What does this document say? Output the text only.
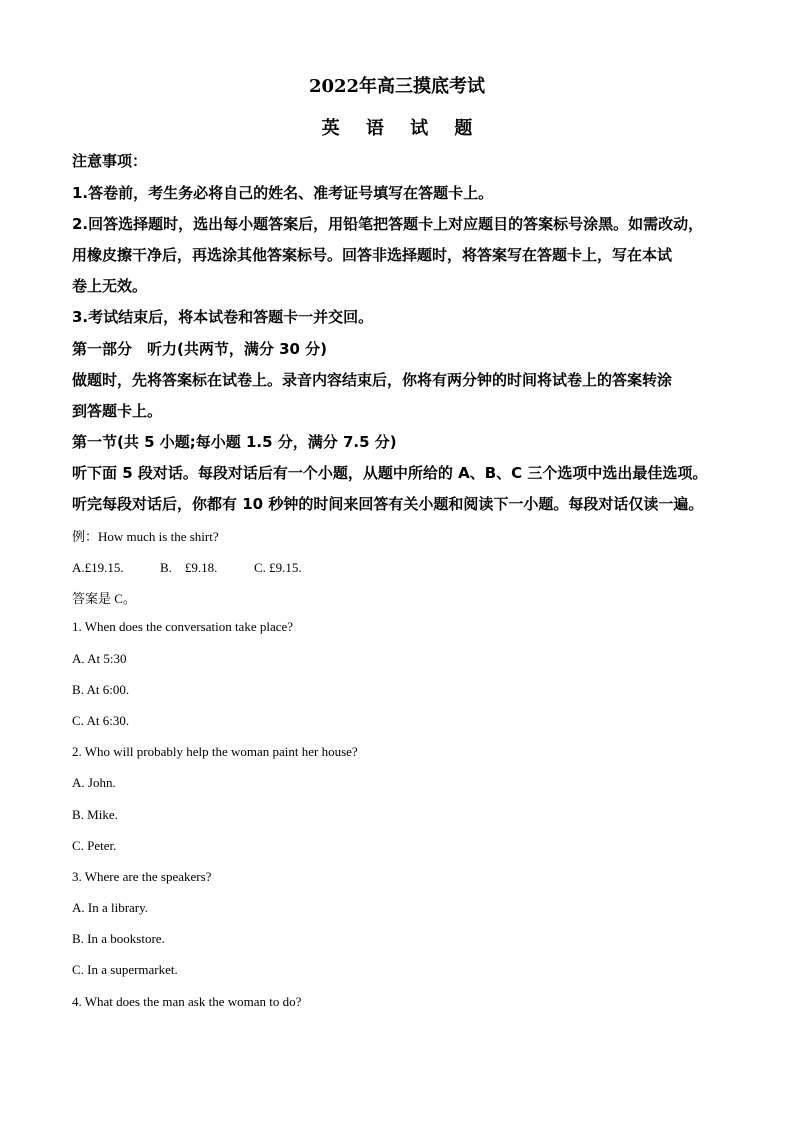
2022年高三摸底考试
英 语 试 题
注意事项：
1.答卷前，考生务必将自己的姓名、准考证号填写在答题卡上。
2.回答选择题时，选出每小题答案后，用铅笔把答题卡上对应题目的答案标号涂黑。如需改动，
用橡皮擦干净后，再选涂其他答案标号。回答非选择题时，将答案写在答题卡上，写在本试
卷上无效。
3.考试结束后，将本试卷和答题卡一并交回。
第一部分　听力(共两节，满分 30 分)
做题时，先将答案标在试卷上。录音内容结束后，你将有两分钟的时间将试卷上的答案转涂
到答题卡上。
第一节(共 5 小题;每小题 1.5 分，满分 7.5 分)
听下面 5 段对话。每段对话后有一个小题，从题中所给的 A、B、C 三个选项中选出最佳选项。
听完每段对话后，你都有 10 秒钟的时间来回答有关小题和阅读下一小题。每段对话仅读一遍。
例：How much is the shirt?
A.£19.15.	B.　£9.18.	C. £9.15.
答案是 C。
1. When does the conversation take place?
A. At 5:30
B. At 6:00.
C. At 6:30.
2. Who will probably help the woman paint her house?
A. John.
B. Mike.
C. Peter.
3. Where are the speakers?
A. In a library.
B. In a bookstore.
C. In a supermarket.
4. What does the man ask the woman to do?
